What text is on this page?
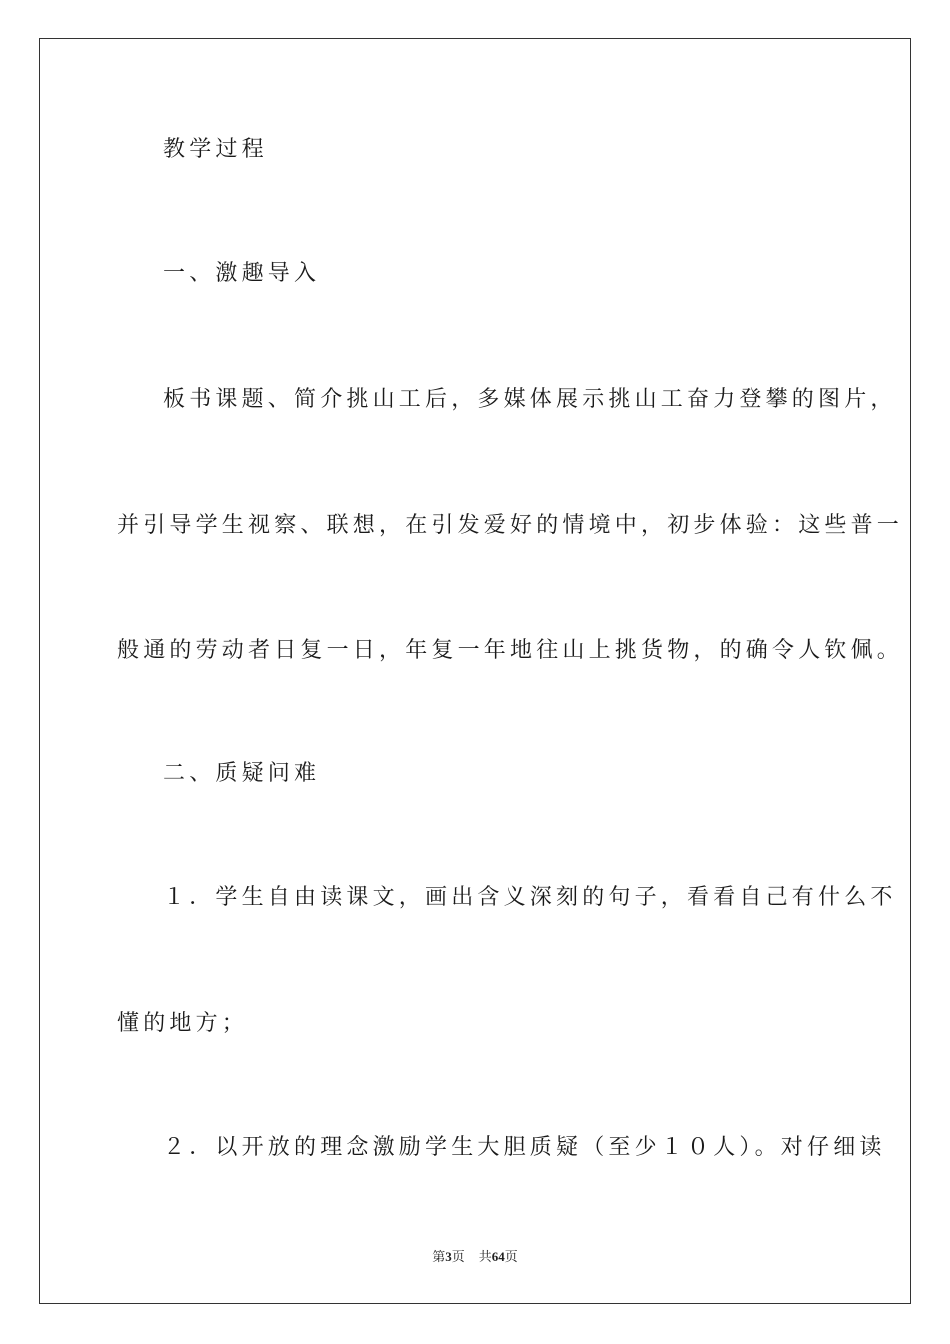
教学过程
一、激趣导入
板书课题、简介挑山工后，多媒体展示挑山工奋力登攀的图片，
并引导学生视察、联想，在引发爱好的情境中，初步体验：这些普一
般通的劳动者日复一日，年复一年地往山上挑货物，的确令人钦佩。
二、质疑问难
１．学生自由读课文，画出含义深刻的句子，看看自己有什么不
懂的地方；
２．以开放的理念激励学生大胆质疑（至少１０人）。对仔细读
第3页 共64页
